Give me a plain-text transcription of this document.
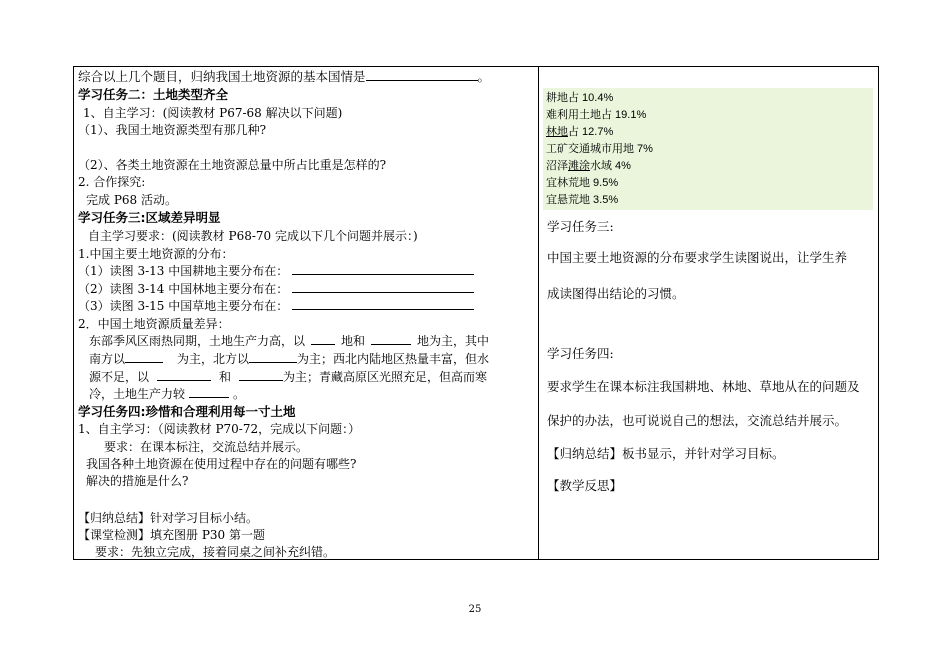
综合以上几个题目，归纳我国土地资源的基本国情是	。
学习任务二：土地类型齐全
1、自主学习：(阅读教材 P67-68 解决以下问题)
（1）、我国土地资源类型有那几种?
（2）、各类土地资源在土地资源总量中所占比重是怎样的?
2. 合作探究:
完成 P68 活动。
学习任务三:区域差异明显
自主学习要求：(阅读教材 P68-70 完成以下几个问题并展示：)
1.中国主要土地资源的分布：
（1）读图 3-13 中国耕地主要分布在：
（2）读图 3-14 中国林地主要分布在：
（3）读图 3-15 中国草地主要分布在：
2．中国土地资源质量差异：
东部季风区雨热同期，土地生产力高，以	地和	地为主，其中
南方以	为主，北方以	为主；西北内陆地区热量丰富，但水
源不足，以	和	为主；青藏高原区光照充足，但高而寒
冷，土地生产力较	。
学习任务四:珍惜和合理利用每一寸土地
1、自主学习：（阅读教材 P70-72，完成以下问题：）
要求：在课本标注，交流总结并展示。
我国各种土地资源在使用过程中存在的问题有哪些?
解决的措施是什么?
【归纳总结】针对学习目标小结。
【课堂检测】填充图册 P30 第一题
要求：先独立完成，接着同桌之间补充纠错。
耕地占 10.4%
难利用土地占 19.1%
林地占 12.7%
工矿交通城市用地 7%
沼泽滩涂水域 4%
宜林荒地 9.5%
宜悬荒地 3.5%
学习任务三:
中国主要土地资源的分布要求学生读图说出，让学生养
成读图得出结论的习惯。
学习任务四:
要求学生在课本标注我国耕地、林地、草地从在的问题及
保护的办法，也可说说自己的想法，交流总结并展示。
【归纳总结】板书显示，并针对学习目标。
【教学反思】
25
